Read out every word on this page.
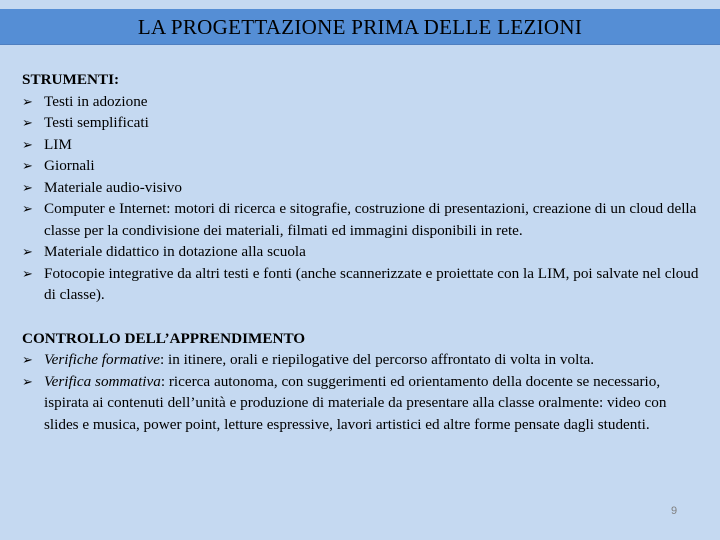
LA PROGETTAZIONE PRIMA DELLE LEZIONI
STRUMENTI:
➢ Testi in adozione
➢ Testi semplificati
➢ LIM
➢ Giornali
➢ Materiale audio-visivo
➢ Computer e Internet: motori di ricerca e sitografie, costruzione di presentazioni, creazione di un cloud della classe per la condivisione dei materiali, filmati ed immagini disponibili in rete.
➢ Materiale didattico in dotazione alla scuola
➢ Fotocopie integrative da altri testi e fonti (anche scannerizzate e proiettate con la LIM, poi salvate nel cloud di classe).
CONTROLLO DELL’APPRENDIMENTO
➢ Verifiche formative: in itinere, orali e riepilogative del percorso affrontato di volta in volta.
➢ Verifica sommativa: ricerca autonoma, con suggerimenti ed orientamento della docente se necessario, ispirata ai contenuti dell’unità e produzione di materiale da presentare alla classe oralmente: video con slides e musica, power point, letture espressive, lavori artistici ed altre forme pensate dagli studenti.
9
